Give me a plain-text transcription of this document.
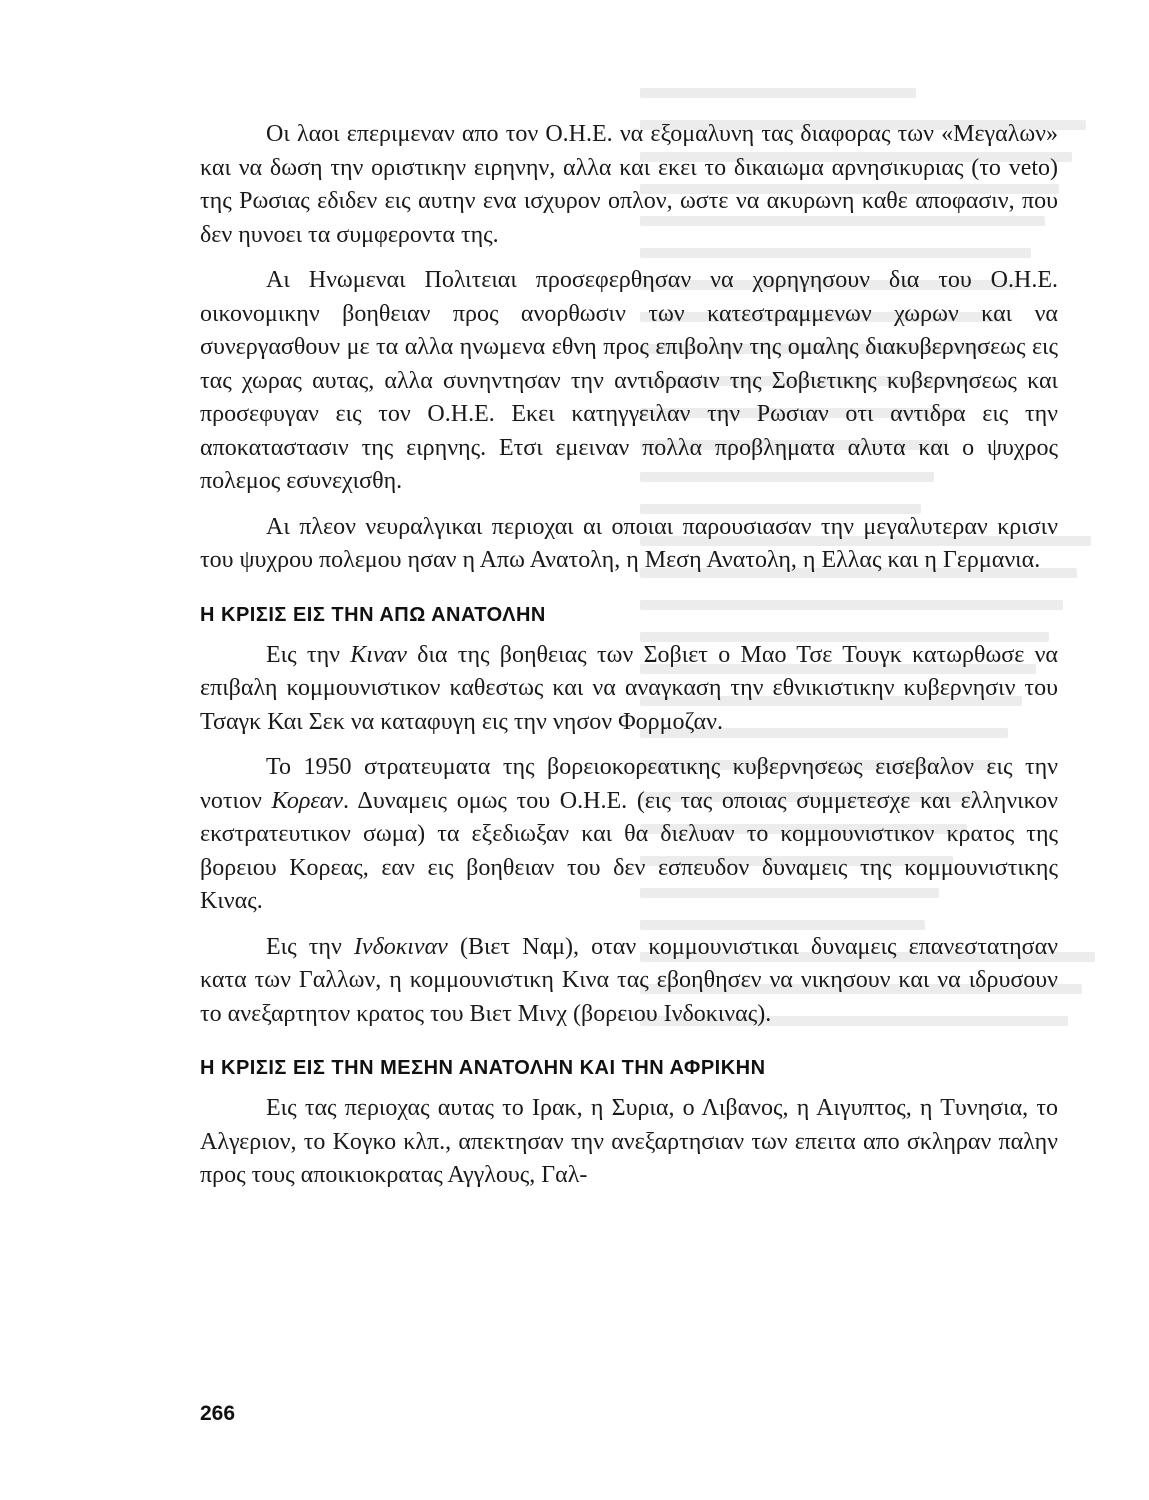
Οι λαοι επεριμεναν απο τον Ο.Η.Ε. να εξομαλυνη τας διαφορας των «Μεγαλων» και να δωση την οριστικην ειρηνην, αλλα και εκει το δικαιωμα αρνησικυριας (το veto) της Ρωσιας εδιδεν εις αυτην ενα ισχυρον οπλον, ωστε να ακυρωνη καθε αποφασιν, που δεν ηυνοει τα συμφεροντα της.

Αι Ηνωμεναι Πολιτειαι προσεφερθησαν να χορηγησουν δια του Ο.Η.Ε. οικονομικην βοηθειαν προς ανορθωσιν των κατεστραμμενων χωρων και να συνεργασθουν με τα αλλα ηνωμενα εθνη προς επιβολην της ομαλης διακυβερνησεως εις τας χωρας αυτας, αλλα συνηντησαν την αντιδρασιν της Σοβιετικης κυβερνησεως και προσεφυγαν εις τον Ο.Η.Ε. Εκει κατηγγειλαν την Ρωσιαν οτι αντιδρα εις την αποκαταστασιν της ειρηνης. Ετσι εμειναν πολλα προβληματα αλυτα και ο ψυχρος πολεμος εσυνεχισθη.

Αι πλεον νευραλγικαι περιοχαι αι οποιαι παρουσιασαν την μεγαλυτεραν κρισιν του ψυχρου πολεμου ησαν η Απω Ανατολη, η Μεση Ανατολη, η Ελλας και η Γερμανια.

Η ΚΡΙΣΙΣ ΕΙΣ ΤΗΝ ΑΠΩ ΑΝΑΤΟΛΗΝ

Εις την Κιναν δια της βοηθειας των Σοβιετ ο Μαο Τσε Τουγκ κατωρθωσε να επιβαλη κομμουνιστικον καθεστως και να αναγκαση την εθνικιστικην κυβερνησιν του Τσαγκ Και Σεκ να καταφυγη εις την νησον Φορμοζαν.

Το 1950 στρατευματα της βορειοκορεατικης κυβερνησεως εισεβαλον εις την νοτιον Κορεαν. Δυναμεις ομως του Ο.Η.Ε. (εις τας οποιας συμμετεσχε και ελληνικον εκστρατευτικον σωμα) τα εξεδιωξαν και θα διελυαν το κομμουνιστικον κρατος της βορειου Κορεας, εαν εις βοηθειαν του δεν εσπευδον δυναμεις της κομμουνιστικης Κινας.

Εις την Ινδοκιναν (Βιετ Ναμ), οταν κομμουνιστικαι δυναμεις επανεστατησαν κατα των Γαλλων, η κομμουνιστικη Κινα τας εβοηθησεν να νικησουν και να ιδρυσουν το ανεξαρτητον κρατος του Βιετ Μινχ (βορειου Ινδοκινας).

Η ΚΡΙΣΙΣ ΕΙΣ ΤΗΝ ΜΕΣΗΝ ΑΝΑΤΟΛΗΝ ΚΑΙ ΤΗΝ ΑΦΡΙΚΗΝ

Εις τας περιοχας αυτας το Ιρακ, η Συρια, ο Λιβανος, η Αιγυπτος, η Τυνησια, το Αλγεριον, το Κογκο κλπ., απεκτησαν την ανεξαρτησιαν των επειτα απο σκληραν παλην προς τους αποικιοκρατας Αγγλους, Γαλ-

266
